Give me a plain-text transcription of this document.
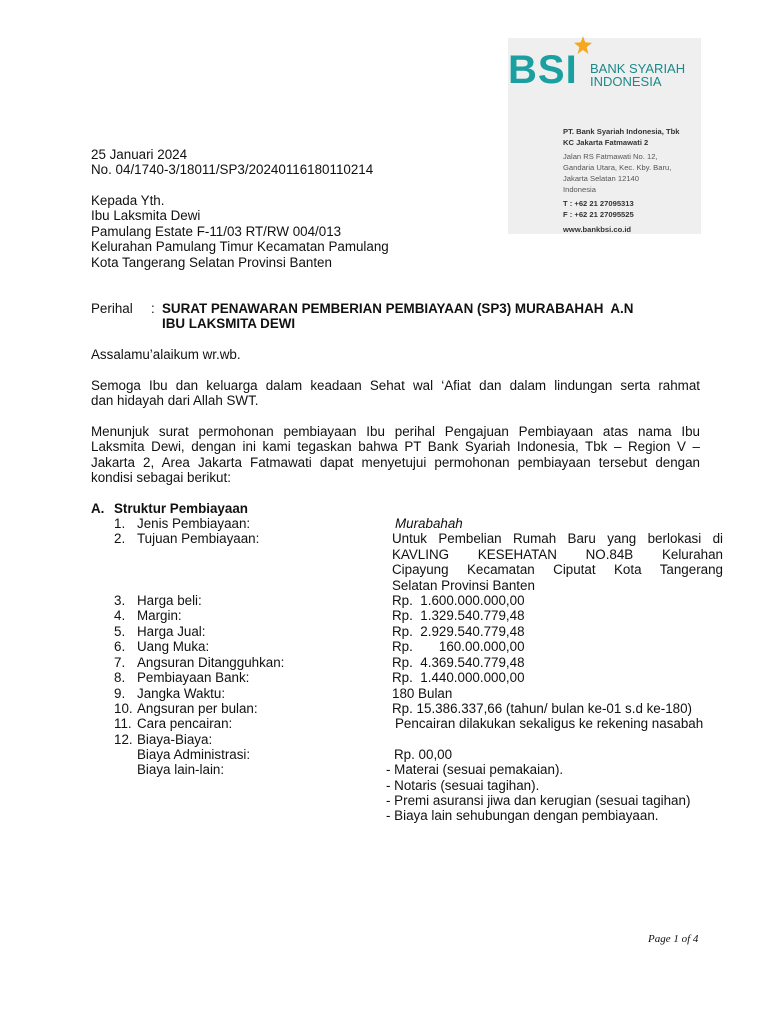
BSI BANK SYARIAH
INDONESIA
PT. Bank Syariah Indonesia, Tbk
KC Jakarta Fatmawati 2
Jalan RS Fatmawati No. 12,
Gandaria Utara, Kec. Kby. Baru,
Jakarta Selatan 12140
Indonesia
T : +62 21 27095313
F : +62 21 27095525
www.bankbsi.co.id
25 Januari 2024
No. 04/1740-3/18011/SP3/20240116180110214
Kepada Yth.
Ibu Laksmita Dewi
Pamulang Estate F-11/03 RT/RW 004/013
Kelurahan Pamulang Timur Kecamatan Pamulang
Kota Tangerang Selatan Provinsi Banten
Perihal : SURAT PENAWARAN PEMBERIAN PEMBIAYAAN (SP3) MURABAHAH  A.N
IBU LAKSMITA DEWI
Assalamu’alaikum wr.wb.
Semoga Ibu dan keluarga dalam keadaan Sehat wal ‘Afiat dan dalam lindungan serta rahmat
dan hidayah dari Allah SWT.
Menunjuk surat permohonan pembiayaan Ibu perihal Pengajuan Pembiayaan atas nama Ibu
Laksmita Dewi, dengan ini kami tegaskan bahwa PT Bank Syariah Indonesia, Tbk – Region V –
Jakarta 2, Area Jakarta Fatmawati dapat menyetujui permohonan pembiayaan tersebut dengan
kondisi sebagai berikut:
A. Struktur Pembiayaan
1. Jenis Pembiayaan:	Murabahah
2. Tujuan Pembiayaan:	Untuk Pembelian Rumah Baru yang berlokasi di
KAVLING KESEHATAN NO.84B Kelurahan
Cipayung Kecamatan Ciputat Kota Tangerang
Selatan Provinsi Banten
3. Harga beli:	Rp.  1.600.000.000,00
4. Margin:	Rp.  1.329.540.779,48
5. Harga Jual:	Rp.  2.929.540.779,48
6. Uang Muka:	Rp.       160.00.000,00
7. Angsuran Ditangguhkan:	Rp.  4.369.540.779,48
8. Pembiayaan Bank:	Rp.  1.440.000.000,00
9. Jangka Waktu:	180 Bulan
10. Angsuran per bulan:	Rp. 15.386.337,66 (tahun/ bulan ke-01 s.d ke-180)
11. Cara pencairan:	Pencairan dilakukan sekaligus ke rekening nasabah
12. Biaya-Biaya:
Biaya Administrasi:	Rp. 00,00
Biaya lain-lain:	- Materai (sesuai pemakaian).
- Notaris (sesuai tagihan).
- Premi asuransi jiwa dan kerugian (sesuai tagihan)
- Biaya lain sehubungan dengan pembiayaan.
Page 1 of 4
